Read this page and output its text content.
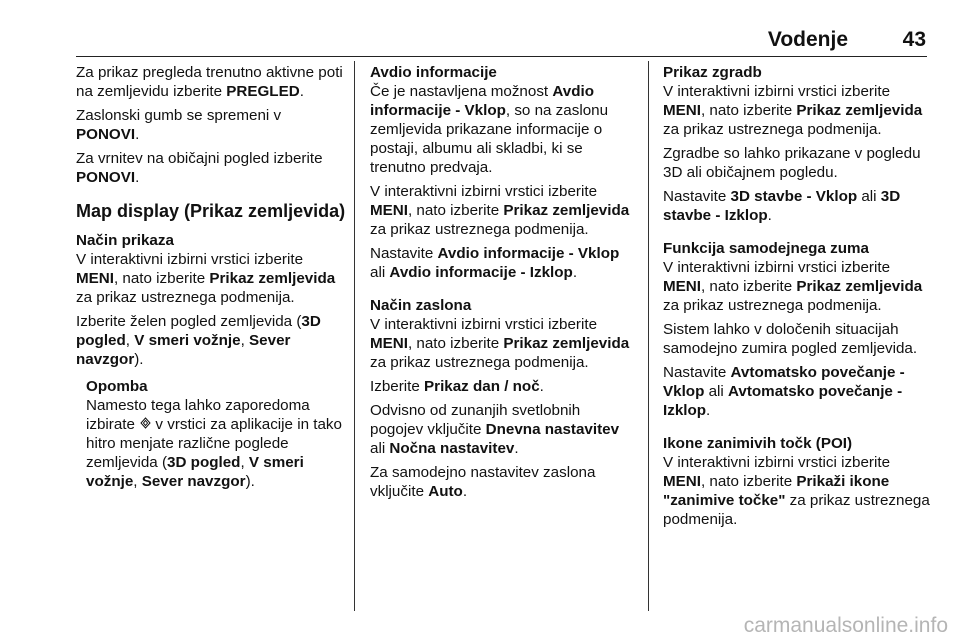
Vodenje	43

Za prikaz pregleda trenutno aktivne poti na zemljevidu izberite PREGLED.

Zaslonski gumb se spremeni v PONOVI.

Za vrnitev na običajni pogled izberite PONOVI.

Map display (Prikaz zemljevida)

Način prikaza

V interaktivni izbirni vrstici izberite MENI, nato izberite Prikaz zemljevida za prikaz ustreznega podmenija.

Izberite želen pogled zemljevida (3D pogled, V smeri vožnje, Sever navzgor).

Opomba

Namesto tega lahko zaporedoma izbirate  v vrstici za aplikacije in tako hitro menjate različne poglede zemljevida (3D pogled, V smeri vožnje, Sever navzgor).

Avdio informacije

Če je nastavljena možnost Avdio informacije - Vklop, so na zaslonu zemljevida prikazane informacije o postaji, albumu ali skladbi, ki se trenutno predvaja.

V interaktivni izbirni vrstici izberite MENI, nato izberite Prikaz zemljevida za prikaz ustreznega podmenija.

Nastavite Avdio informacije - Vklop ali Avdio informacije - Izklop.

Način zaslona

V interaktivni izbirni vrstici izberite MENI, nato izberite Prikaz zemljevida za prikaz ustreznega podmenija.

Izberite Prikaz dan / noč.

Odvisno od zunanjih svetlobnih pogojev vključite Dnevna nastavitev ali Nočna nastavitev.

Za samodejno nastavitev zaslona vključite Auto.

Prikaz zgradb

V interaktivni izbirni vrstici izberite MENI, nato izberite Prikaz zemljevida za prikaz ustreznega podmenija.

Zgradbe so lahko prikazane v pogledu 3D ali običajnem pogledu.

Nastavite 3D stavbe - Vklop ali 3D stavbe - Izklop.

Funkcija samodejnega zuma

V interaktivni izbirni vrstici izberite MENI, nato izberite Prikaz zemljevida za prikaz ustreznega podmenija.

Sistem lahko v določenih situacijah samodejno zumira pogled zemljevida.

Nastavite Avtomatsko povečanje - Vklop ali Avtomatsko povečanje - Izklop.

Ikone zanimivih točk (POI)

V interaktivni izbirni vrstici izberite MENI, nato izberite Prikaži ikone "zanimive točke" za prikaz ustreznega podmenija.

carmanualsonline.info
